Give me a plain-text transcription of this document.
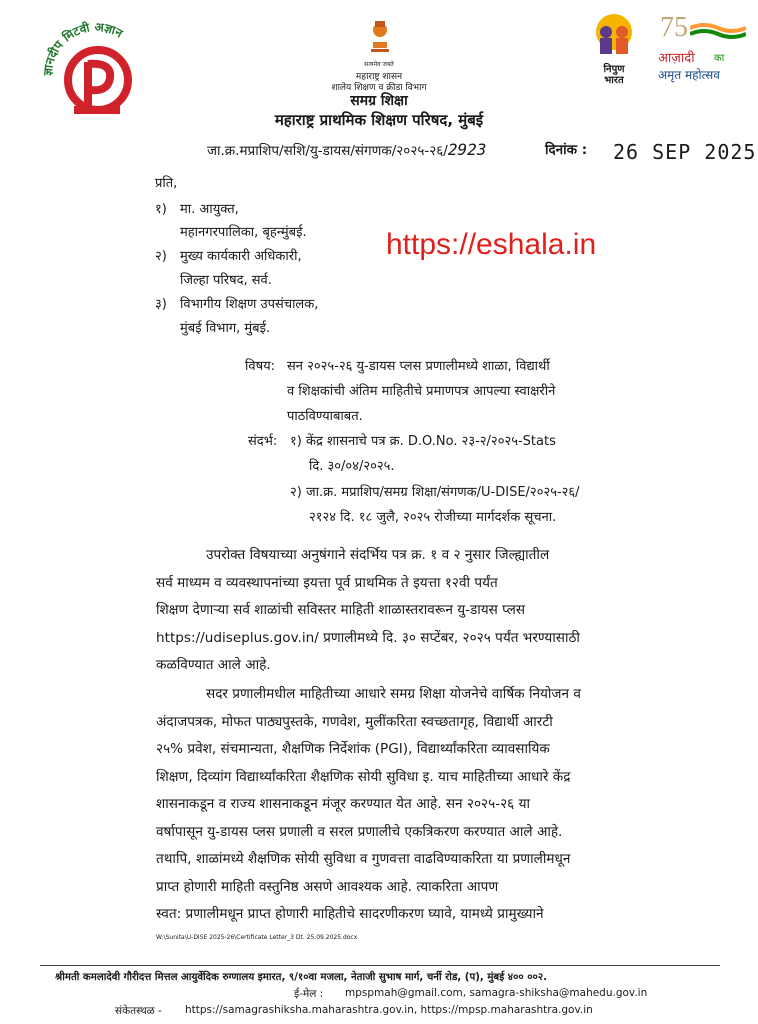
ज्ञानदीप मिटवी अज्ञान
सत्यमेव जयते
महाराष्ट्र शासन
शालेय शिक्षण व क्रीडा विभाग
समग्र शिक्षा
महाराष्ट्र प्राथमिक शिक्षण परिषद, मुंबई
निपुण भारत
75
आज़ादी का
अमृत महोत्सव
जा.क्र.मप्राशिप/सशि/यु-डायस/संगणक/२०२५-२६/2923	दिनांक : 26 SEP 2025
https://eshala.in
प्रति,
१) मा. आयुक्त,
महानगरपालिका, बृहन्मुंबई.
२) मुख्य कार्यकारी अधिकारी,
जिल्हा परिषद, सर्व.
३) विभागीय शिक्षण उपसंचालक,
मुंबई विभाग, मुंबई.
विषय: सन २०२५-२६ यु-डायस प्लस प्रणालीमध्ये शाळा, विद्यार्थी
व शिक्षकांची अंतिम माहितीचे प्रमाणपत्र आपल्या स्वाक्षरीने
पाठविण्याबाबत.
संदर्भ: १) केंद्र शासनाचे पत्र क्र. D.O.No. २३-२/२०२५-Stats
दि. ३०/०४/२०२५.
२) जा.क्र. मप्राशिप/समग्र शिक्षा/संगणक/U-DISE/२०२५-२६/
२१२४ दि. १८ जुलै, २०२५ रोजीच्या मार्गदर्शक सूचना.
उपरोक्त विषयाच्या अनुषंगाने संदर्भिय पत्र क्र. १ व २ नुसार जिल्ह्यातील
सर्व माध्यम व व्यवस्थापनांच्या इयत्ता पूर्व प्राथमिक ते इयत्ता १२वी पर्यंत
शिक्षण देणाऱ्या सर्व शाळांची सविस्तर माहिती शाळास्तरावरून यु-डायस प्लस
https://udiseplus.gov.in/ प्रणालीमध्ये दि. ३० सप्टेंबर, २०२५ पर्यंत भरण्यासाठी
कळविण्यात आले आहे.
सदर प्रणालीमधील माहितीच्या आधारे समग्र शिक्षा योजनेचे वार्षिक नियोजन व
अंदाजपत्रक, मोफत पाठ्यपुस्तके, गणवेश, मुलींकरिता स्वच्छतागृह, विद्यार्थी आरटी
२५% प्रवेश, संचमान्यता, शैक्षणिक निर्देशांक (PGI), विद्यार्थ्यांकरिता व्यावसायिक
शिक्षण, दिव्यांग विद्यार्थ्यांकरिता शैक्षणिक सोयी सुविधा इ. याच माहितीच्या आधारे केंद्र
शासनाकडून व राज्य शासनाकडून मंजूर करण्यात येत आहे. सन २०२५-२६ या
वर्षापासून यु-डायस प्लस प्रणाली व सरल प्रणालीचे एकत्रिकरण करण्यात आले आहे.
तथापि, शाळांमध्ये शैक्षणिक सोयी सुविधा व गुणवत्ता वाढविण्याकरिता या प्रणालीमधून
प्राप्त होणारी माहिती वस्तुनिष्ठ असणे आवश्यक आहे. त्याकरिता आपण
स्वत: प्रणालीमधून प्राप्त होणारी माहितीचे सादरणीकरण घ्यावे, यामध्ये प्रामुख्याने
W:\Sunita\U-DISE 2025-26\Certificate Letter_3 Dt. 25.09.2025.docx
श्रीमती कमलादेवी गौरीदत्त मित्तल आयुर्वेदिक रुग्णालय इमारत, ९/१०वा मजला, नेताजी सुभाष मार्ग, चर्नी रोड, (प), मुंबई ४०० ००२.
ई-मेल : mpspmah@gmail.com, samagra-shiksha@mahedu.gov.in
संकेतस्थळ - https://samagrashiksha.maharashtra.gov.in, https://mpsp.maharashtra.gov.in
